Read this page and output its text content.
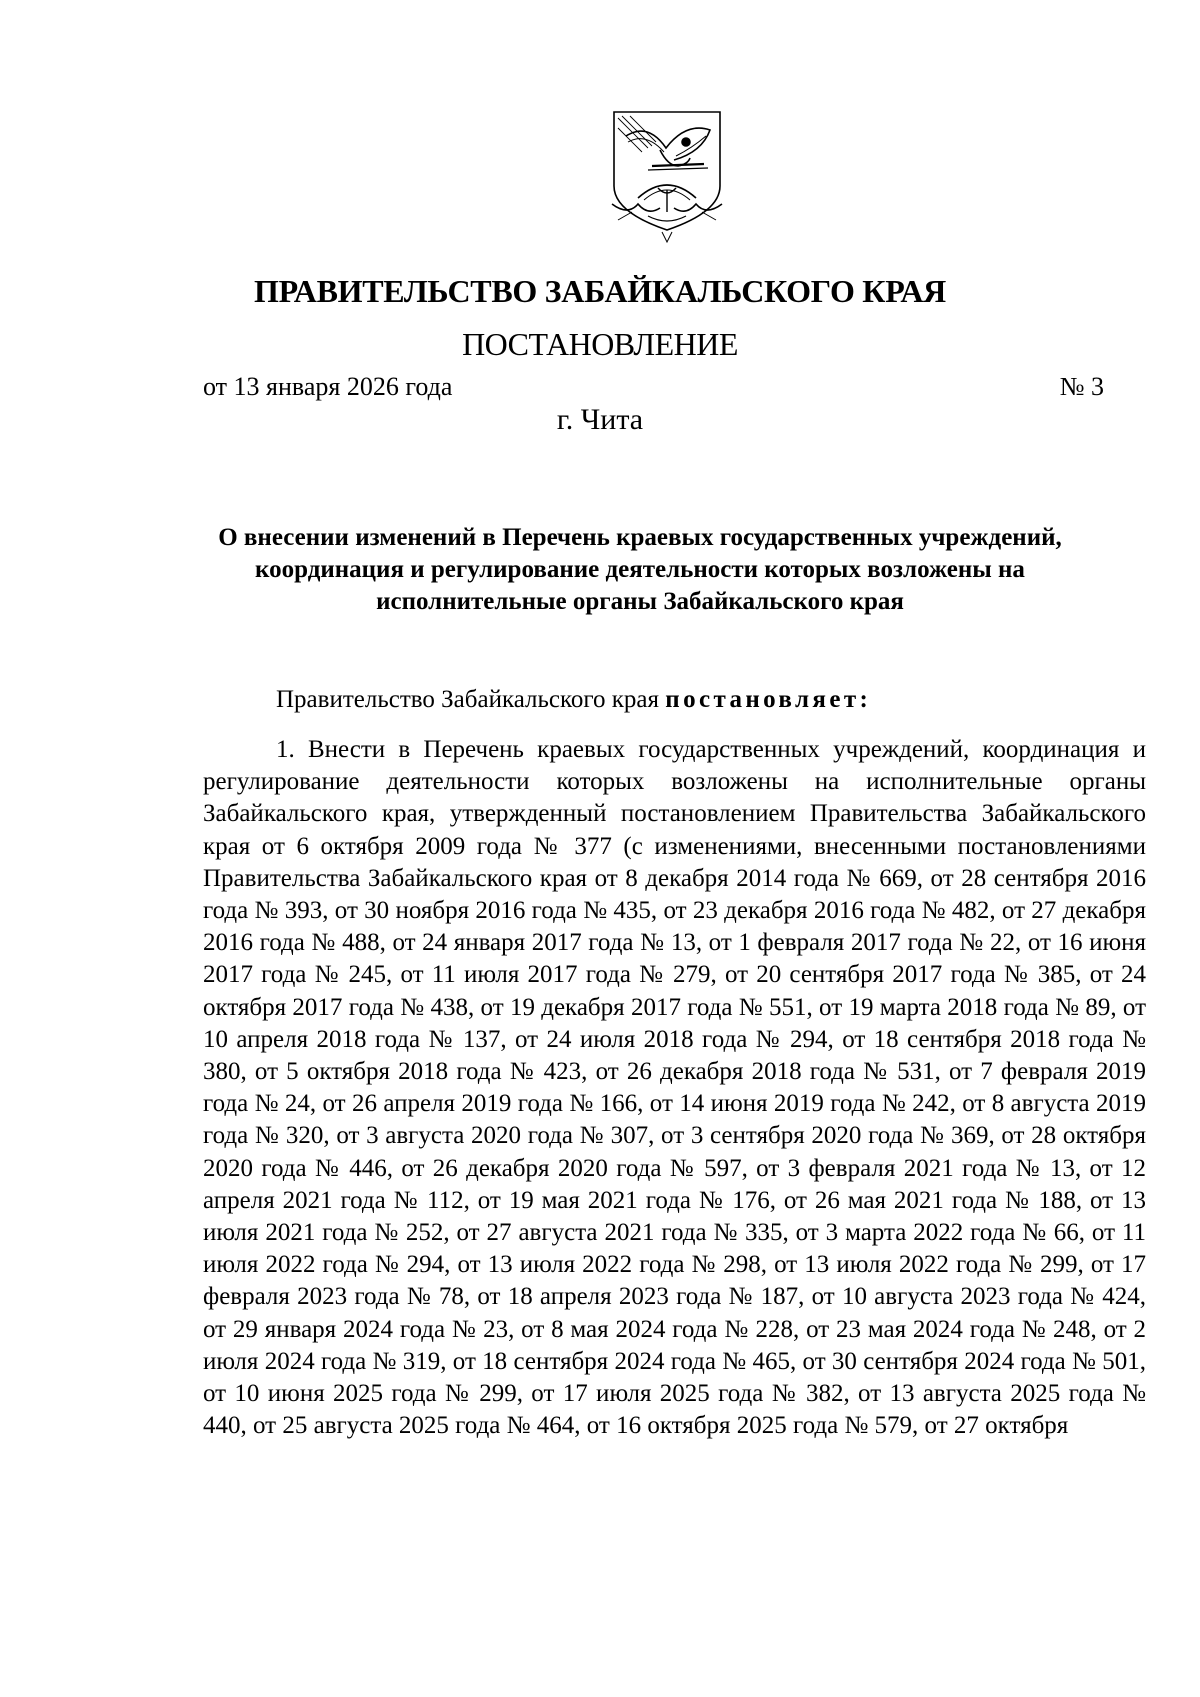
ПРАВИТЕЛЬСТВО ЗАБАЙКАЛЬСКОГО КРАЯ
ПОСТАНОВЛЕНИЕ
от 13 января 2026 года	№ 3
г. Чита
О внесении изменений в Перечень краевых государственных учреждений, координация и регулирование деятельности которых возложены на исполнительные органы Забайкальского края
Правительство Забайкальского края постановляет:

1. Внести в Перечень краевых государственных учреждений, координация и регулирование деятельности которых возложены на исполнительные органы Забайкальского края, утвержденный постановлением Правительства Забайкальского края от 6 октября 2009 года № 377 (с изменениями, внесенными постановлениями Правительства Забайкальского края от 8 декабря 2014 года № 669, от 28 сентября 2016 года № 393, от 30 ноября 2016 года № 435, от 23 декабря 2016 года № 482, от 27 декабря 2016 года № 488, от 24 января 2017 года № 13, от 1 февраля 2017 года № 22, от 16 июня 2017 года № 245, от 11 июля 2017 года № 279, от 20 сентября 2017 года № 385, от 24 октября 2017 года № 438, от 19 декабря 2017 года № 551, от 19 марта 2018 года № 89, от 10 апреля 2018 года № 137, от 24 июля 2018 года № 294, от 18 сентября 2018 года № 380, от 5 октября 2018 года № 423, от 26 декабря 2018 года № 531, от 7 февраля 2019 года № 24, от 26 апреля 2019 года № 166, от 14 июня 2019 года № 242, от 8 августа 2019 года № 320, от 3 августа 2020 года № 307, от 3 сентября 2020 года № 369, от 28 октября 2020 года № 446, от 26 декабря 2020 года № 597, от 3 февраля 2021 года № 13, от 12 апреля 2021 года № 112, от 19 мая 2021 года № 176, от 26 мая 2021 года № 188, от 13 июля 2021 года № 252, от 27 августа 2021 года № 335, от 3 марта 2022 года № 66, от 11 июля 2022 года № 294, от 13 июля 2022 года № 298, от 13 июля 2022 года № 299, от 17 февраля 2023 года № 78, от 18 апреля 2023 года № 187, от 10 августа 2023 года № 424, от 29 января 2024 года № 23, от 8 мая 2024 года № 228, от 23 мая 2024 года № 248, от 2 июля 2024 года № 319, от 18 сентября 2024 года № 465, от 30 сентября 2024 года № 501, от 10 июня 2025 года № 299, от 17 июля 2025 года № 382, от 13 августа 2025 года № 440, от 25 августа 2025 года № 464, от 16 октября 2025 года № 579, от 27 октября
